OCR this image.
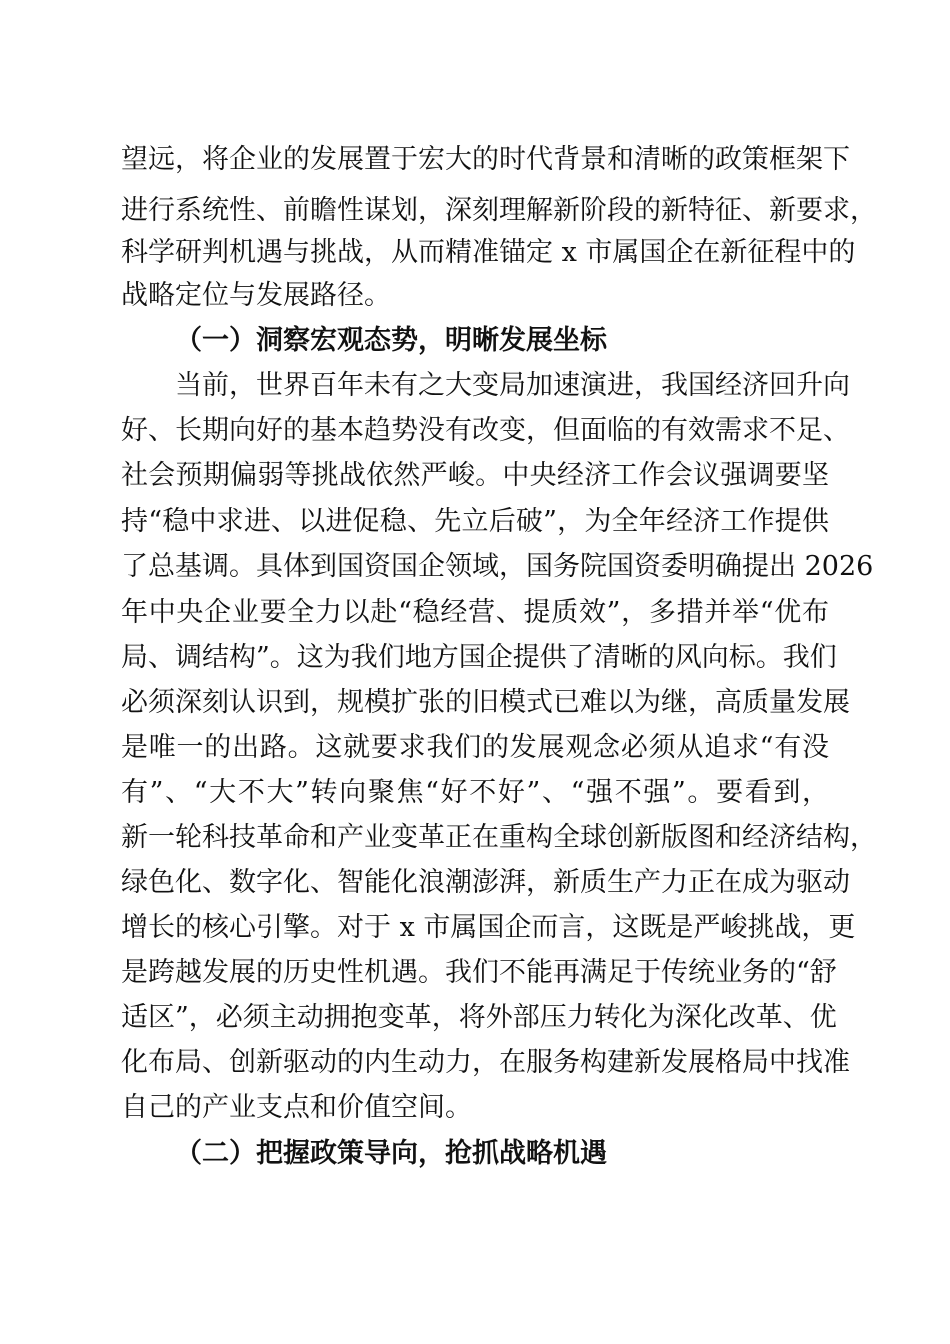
望远，将企业的发展置于宏大的时代背景和清晰的政策框架下
进行系统性、前瞻性谋划，深刻理解新阶段的新特征、新要求，
科学研判机遇与挑战，从而精准锚定 x 市属国企在新征程中的
战略定位与发展路径。
（一）洞察宏观态势，明晰发展坐标
当前，世界百年未有之大变局加速演进，我国经济回升向
好、长期向好的基本趋势没有改变，但面临的有效需求不足、
社会预期偏弱等挑战依然严峻。中央经济工作会议强调要坚
持“稳中求进、以进促稳、先立后破”，为全年经济工作提供
了总基调。具体到国资国企领域，国务院国资委明确提出 2026
年中央企业要全力以赴“稳经营、提质效”，多措并举“优布
局、调结构”。这为我们地方国企提供了清晰的风向标。我们
必须深刻认识到，规模扩张的旧模式已难以为继，高质量发展
是唯一的出路。这就要求我们的发展观念必须从追求“有没
有”、“大不大”转向聚焦“好不好”、“强不强”。要看到，
新一轮科技革命和产业变革正在重构全球创新版图和经济结构，
绿色化、数字化、智能化浪潮澎湃，新质生产力正在成为驱动
增长的核心引擎。对于 x 市属国企而言，这既是严峻挑战，更
是跨越发展的历史性机遇。我们不能再满足于传统业务的“舒
适区”，必须主动拥抱变革，将外部压力转化为深化改革、优
化布局、创新驱动的内生动力，在服务构建新发展格局中找准
自己的产业支点和价值空间。
（二）把握政策导向，抢抓战略机遇
